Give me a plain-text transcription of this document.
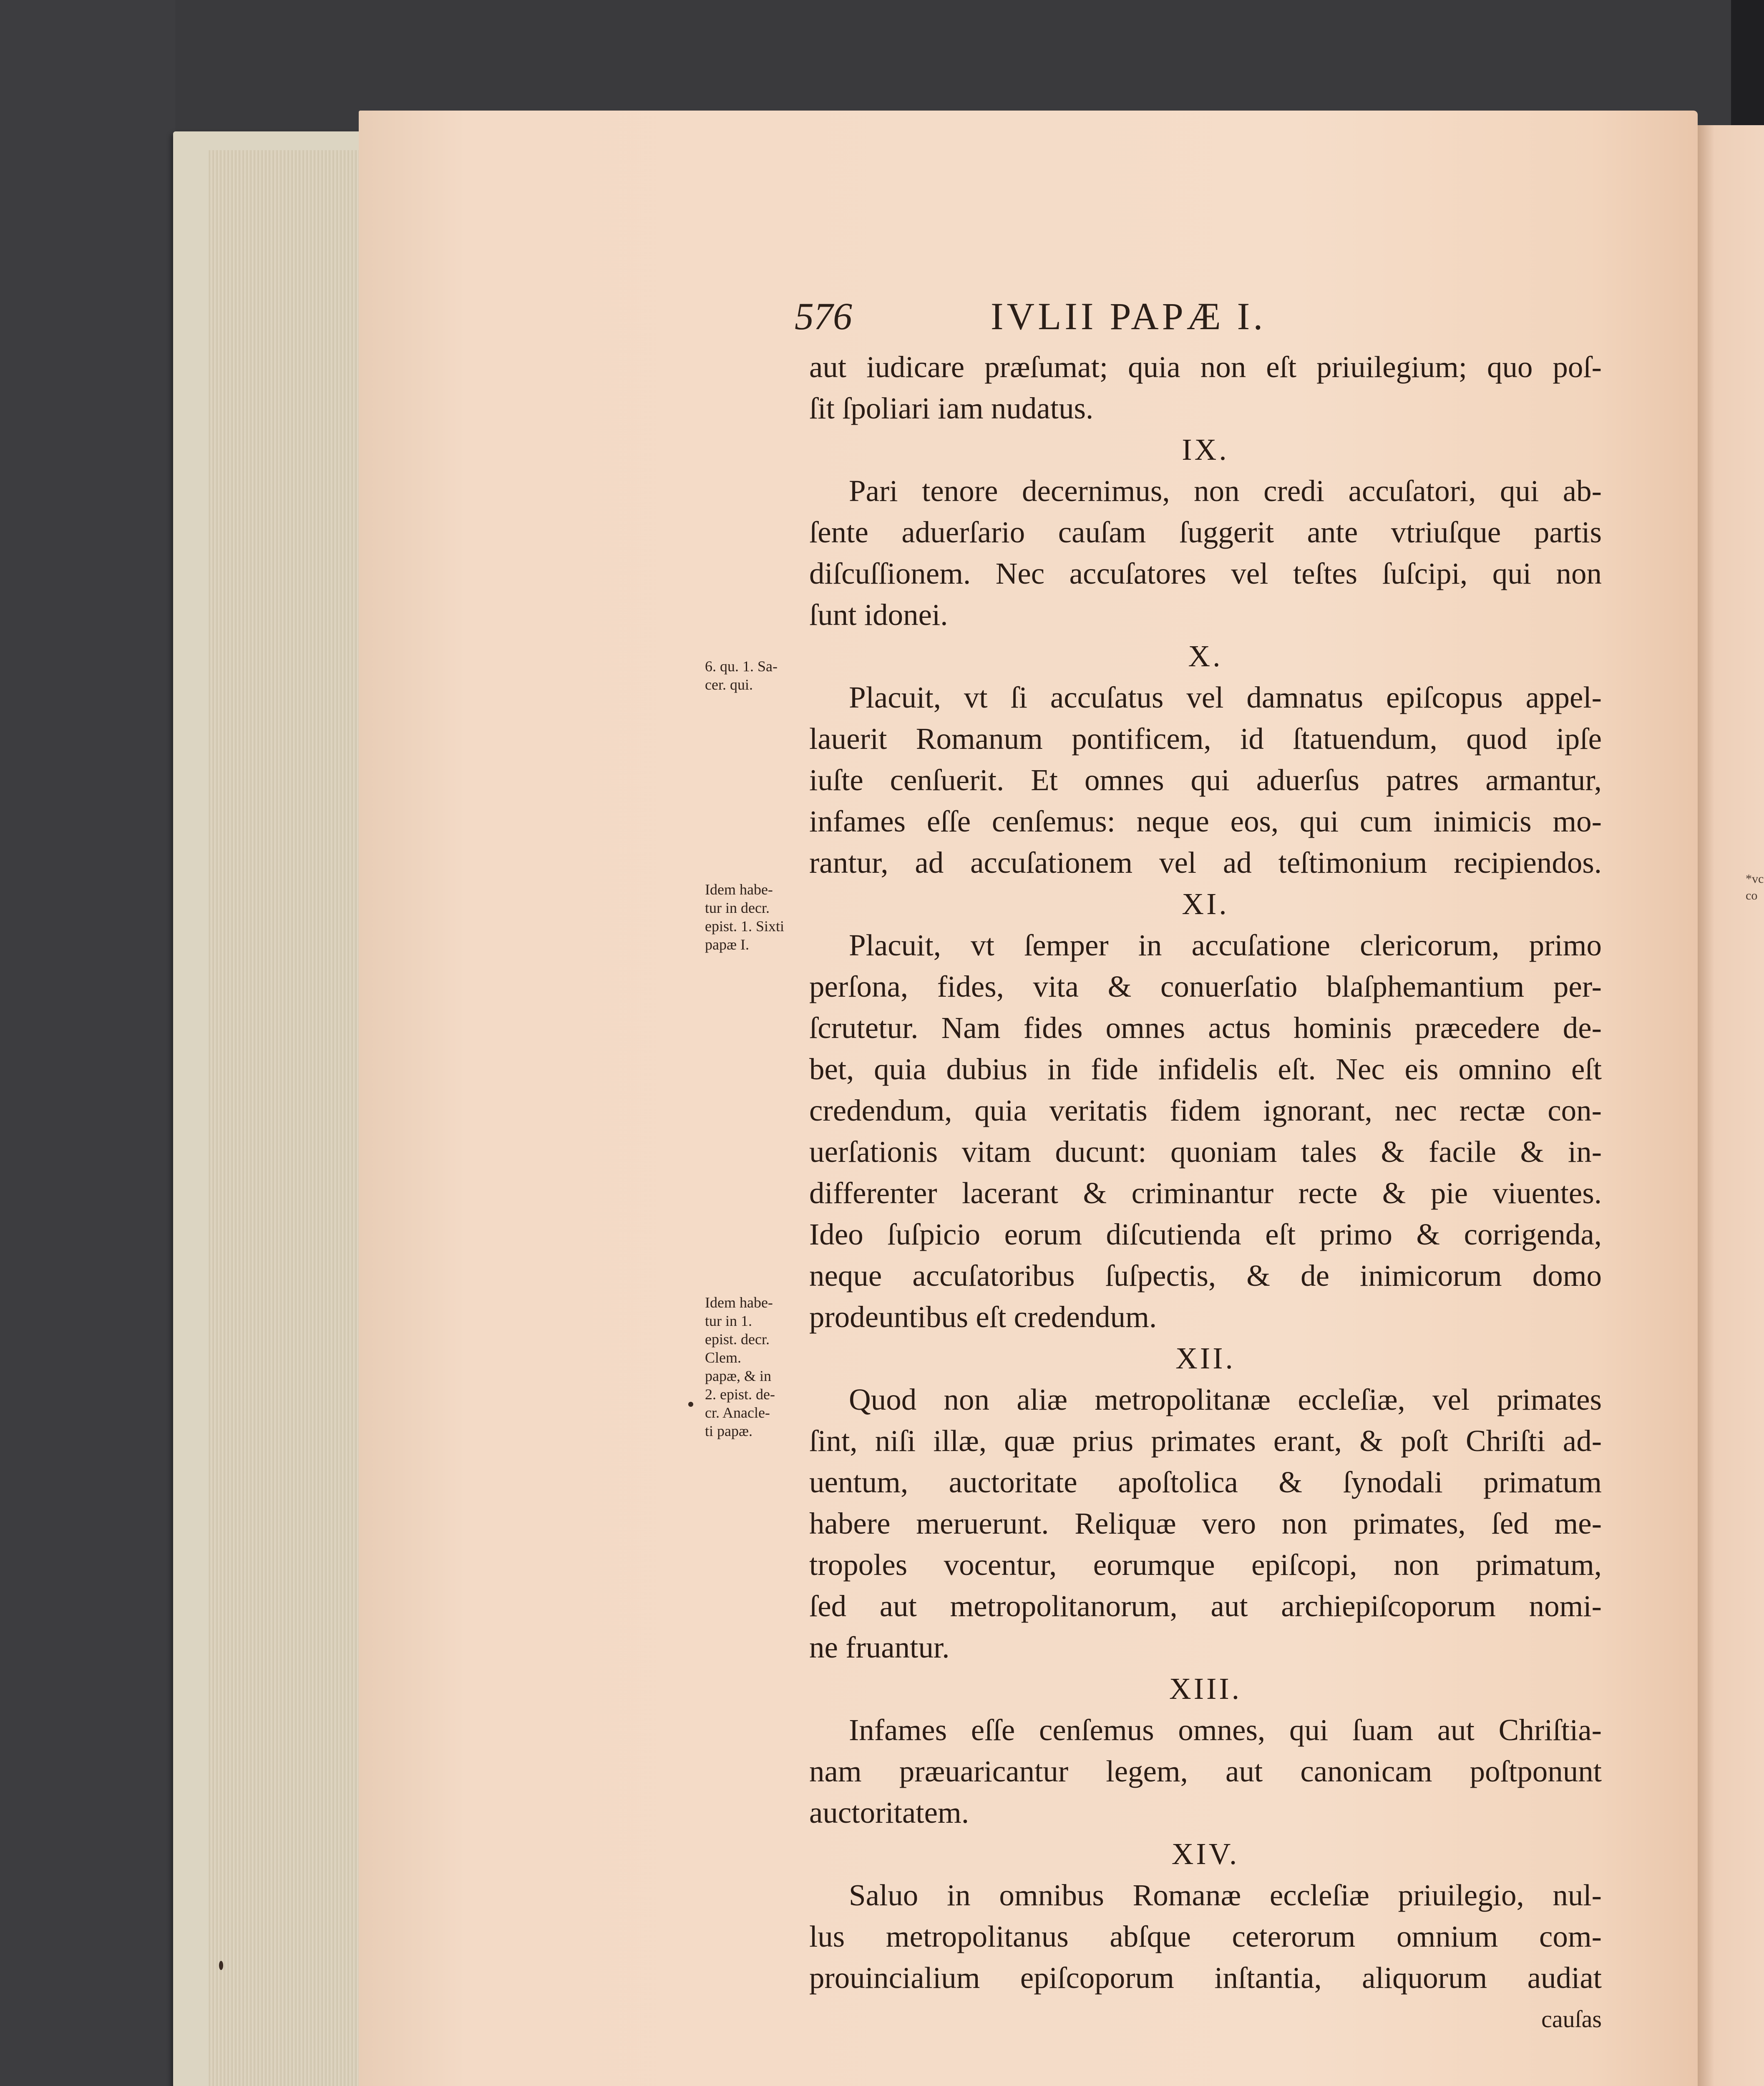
*vc
co
576	IVLII PAPÆ I.
6. qu. 1. Sa-
cer. qui.
Idem habe-
tur in decr.
epist. 1. Sixti
papæ I.
Idem habe-
tur in 1.
epist. decr.
Clem.
papæ, & in
2. epist. de-
cr. Anacle-
ti papæ.
aut iudicare præſumat; quia non eſt priuilegium; quo poſ-
ſit ſpoliari iam nudatus.
IX.
Pari tenore decernimus, non credi accuſatori, qui ab-
ſente aduerſario cauſam ſuggerit ante vtriuſque partis
diſcuſſionem. Nec accuſatores vel teſtes ſuſcipi, qui non
ſunt idonei.
X.
Placuit, vt ſi accuſatus vel damnatus epiſcopus appel-
lauerit Romanum pontificem, id ſtatuendum, quod ipſe
iuſte cenſuerit. Et omnes qui aduerſus patres armantur,
infames eſſe cenſemus: neque eos, qui cum inimicis mo-
rantur, ad accuſationem vel ad teſtimonium recipiendos.
XI.
Placuit, vt ſemper in accuſatione clericorum, primo
perſona, fides, vita & conuerſatio blaſphemantium per-
ſcrutetur. Nam fides omnes actus hominis præcedere de-
bet, quia dubius in fide infidelis eſt. Nec eis omnino eſt
credendum, quia veritatis fidem ignorant, nec rectæ con-
uerſationis vitam ducunt: quoniam tales & facile & in-
differenter lacerant & criminantur recte & pie viuentes.
Ideo ſuſpicio eorum diſcutienda eſt primo & corrigenda,
neque accuſatoribus ſuſpectis, & de inimicorum domo
prodeuntibus eſt credendum.
XII.
Quod non aliæ metropolitanæ eccleſiæ, vel primates
ſint, niſi illæ, quæ prius primates erant, & poſt Chriſti ad-
uentum, auctoritate apoſtolica & ſynodali primatum
habere meruerunt. Reliquæ vero non primates, ſed me-
tropoles vocentur, eorumque epiſcopi, non primatum,
ſed aut metropolitanorum, aut archiepiſcoporum nomi-
ne fruantur.
XIII.
Infames eſſe cenſemus omnes, qui ſuam aut Chriſtia-
nam præuaricantur legem, aut canonicam poſtponunt
auctoritatem.
XIV.
Saluo in omnibus Romanæ eccleſiæ priuilegio, nul-
lus metropolitanus abſque ceterorum omnium com-
prouincialium epiſcoporum inſtantia, aliquorum audiat
cauſas
